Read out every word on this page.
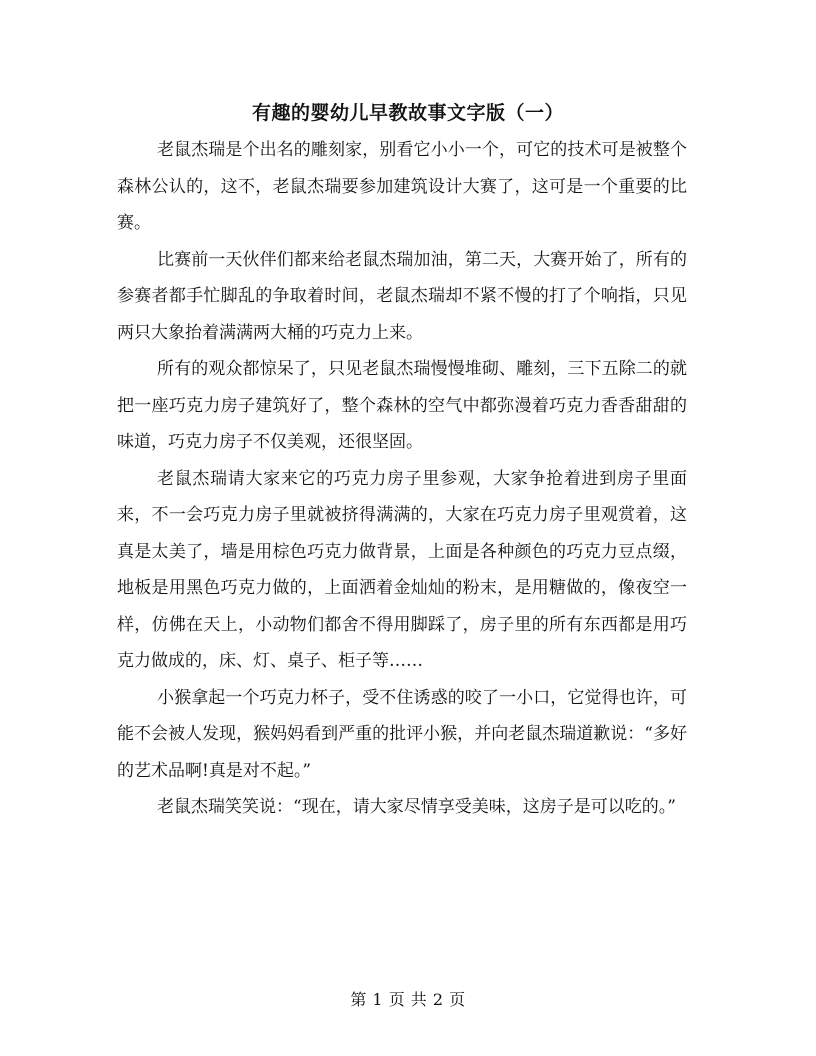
有趣的婴幼儿早教故事文字版（一）

老鼠杰瑞是个出名的雕刻家，别看它小小一个，可它的技术可是被整个森林公认的，这不，老鼠杰瑞要参加建筑设计大赛了，这可是一个重要的比赛。

比赛前一天伙伴们都来给老鼠杰瑞加油，第二天，大赛开始了，所有的参赛者都手忙脚乱的争取着时间，老鼠杰瑞却不紧不慢的打了个响指，只见两只大象抬着满满两大桶的巧克力上来。

所有的观众都惊呆了，只见老鼠杰瑞慢慢堆砌、雕刻，三下五除二的就把一座巧克力房子建筑好了，整个森林的空气中都弥漫着巧克力香香甜甜的味道，巧克力房子不仅美观，还很坚固。

老鼠杰瑞请大家来它的巧克力房子里参观，大家争抢着进到房子里面来，不一会巧克力房子里就被挤得满满的，大家在巧克力房子里观赏着，这真是太美了，墙是用棕色巧克力做背景，上面是各种颜色的巧克力豆点缀，地板是用黑色巧克力做的，上面洒着金灿灿的粉末，是用糖做的，像夜空一样，仿佛在天上，小动物们都舍不得用脚踩了，房子里的所有东西都是用巧克力做成的，床、灯、桌子、柜子等……

小猴拿起一个巧克力杯子，受不住诱惑的咬了一小口，它觉得也许，可能不会被人发现，猴妈妈看到严重的批评小猴，并向老鼠杰瑞道歉说：“多好的艺术品啊!真是对不起。”

老鼠杰瑞笑笑说：“现在，请大家尽情享受美味，这房子是可以吃的。”

第 1 页 共 2 页
